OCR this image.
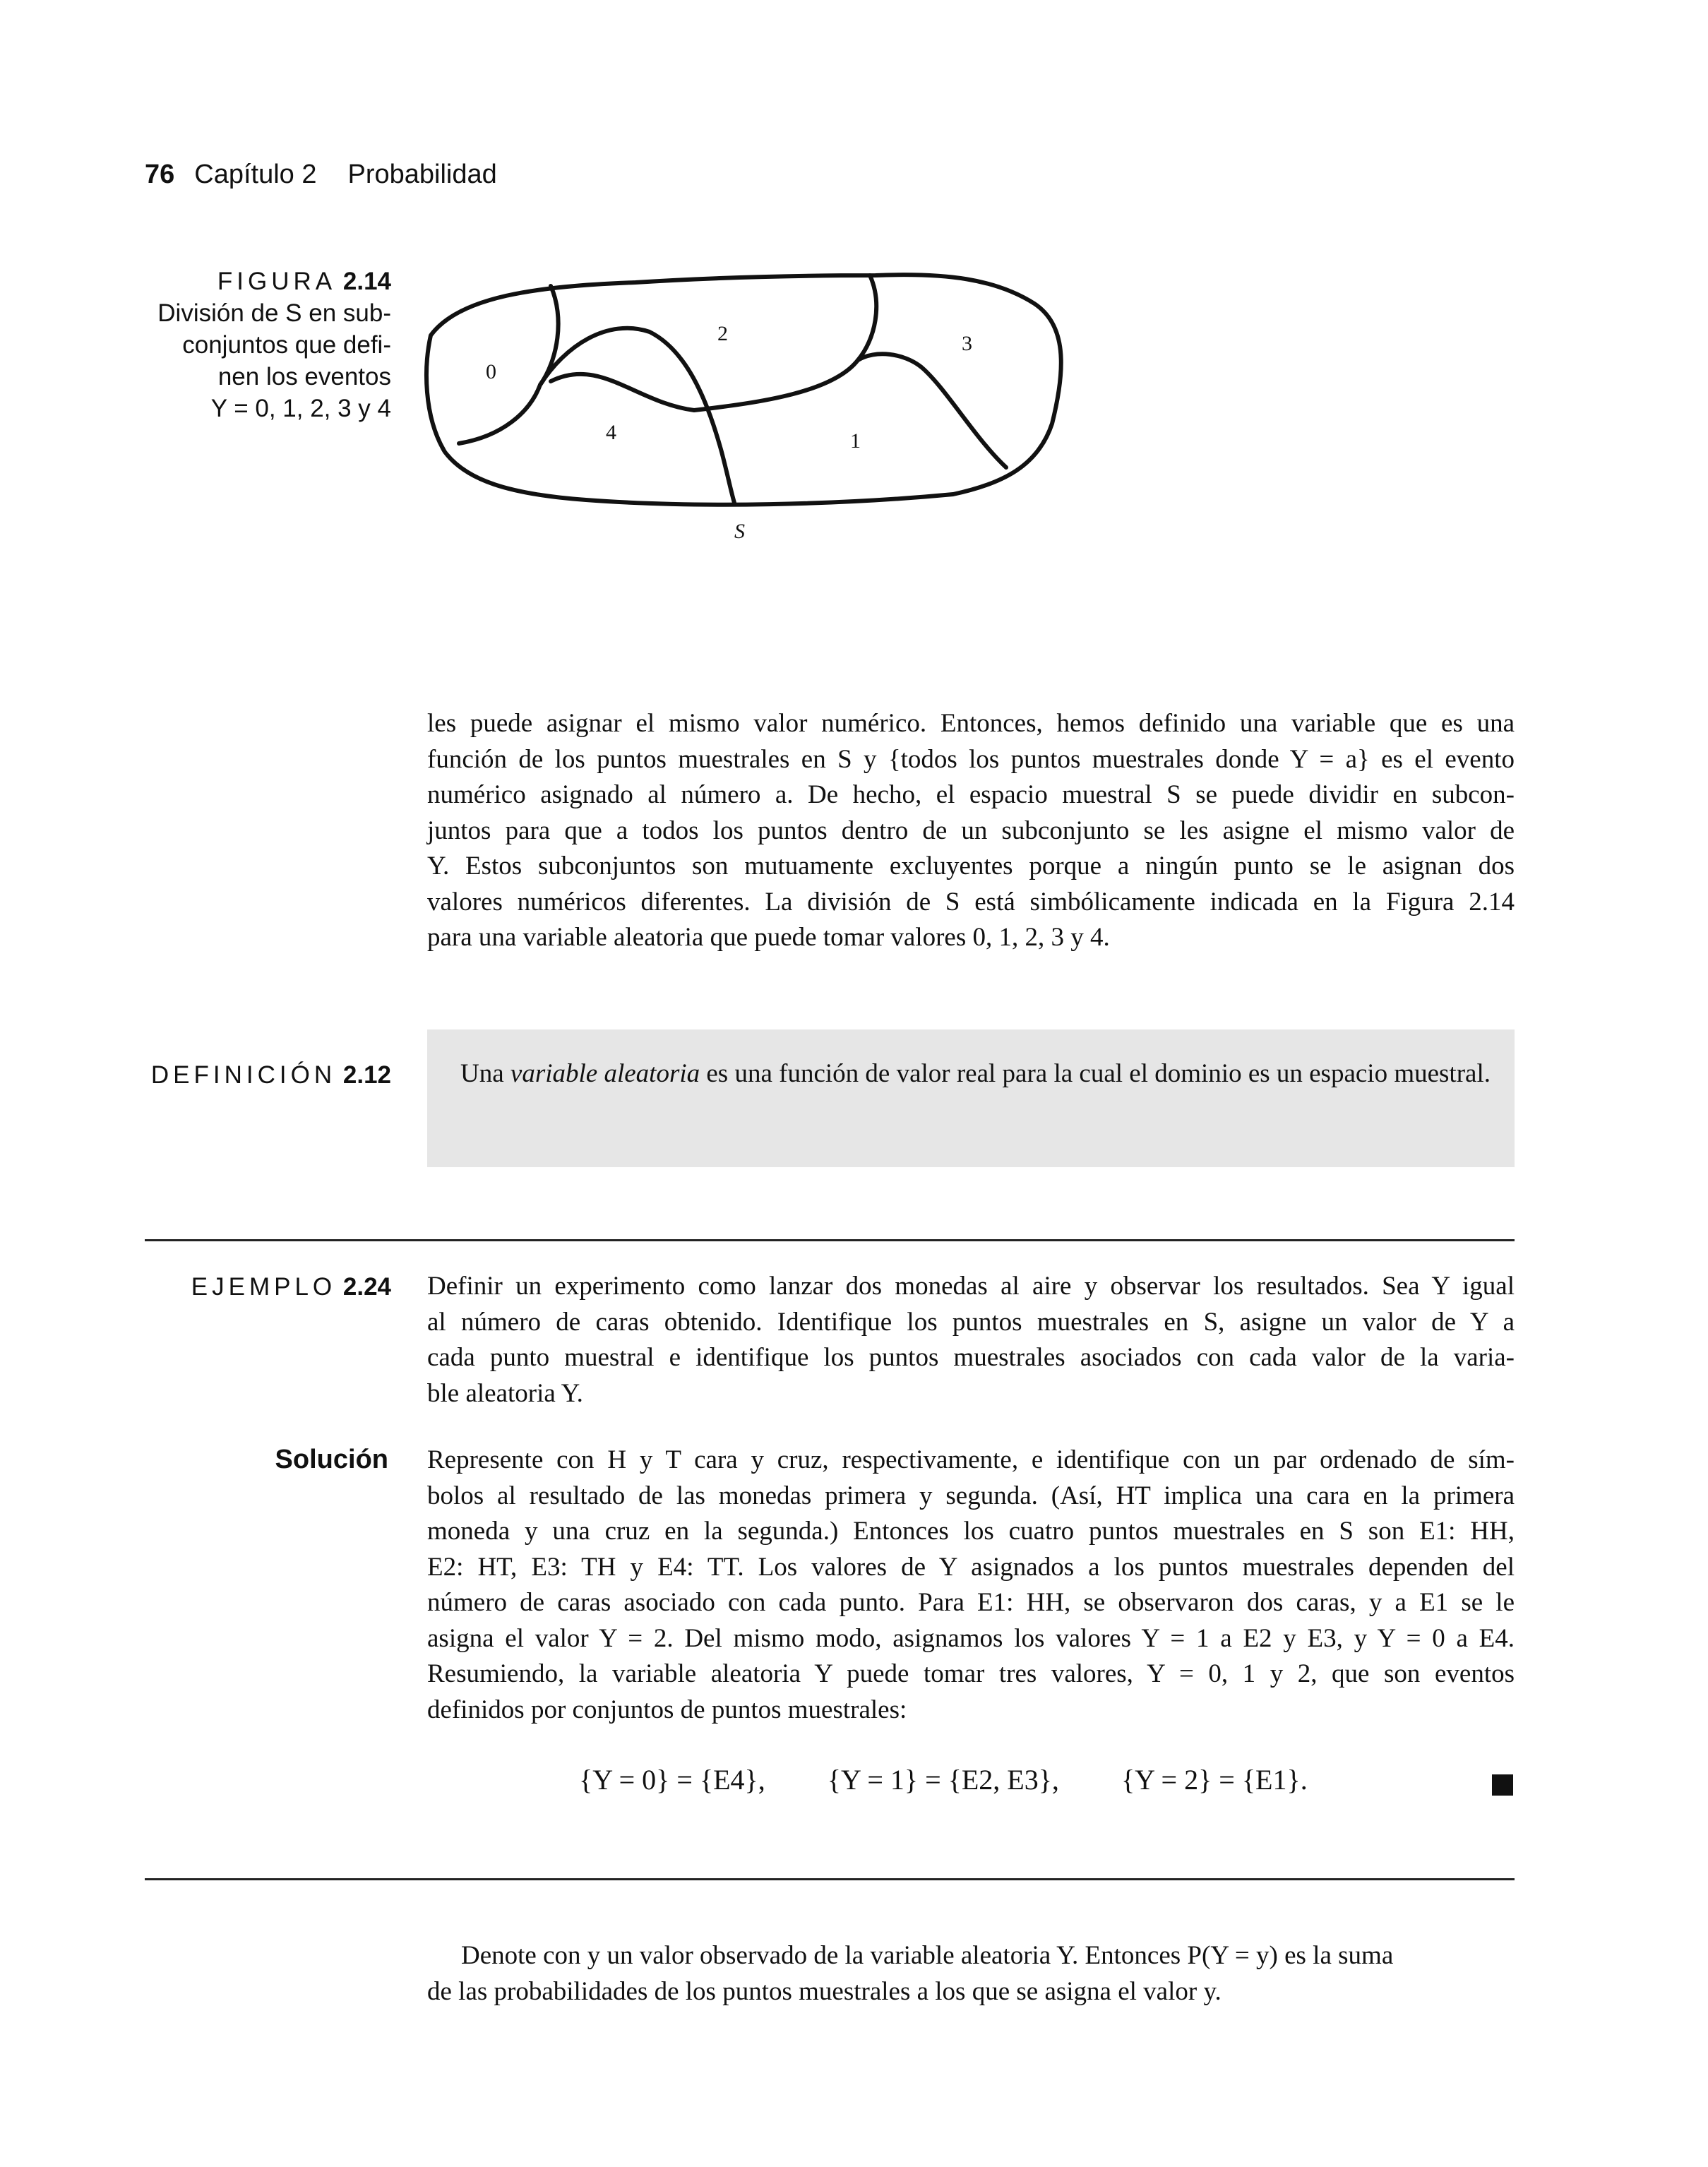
76 Capítulo 2 Probabilidad
FIGURA 2.14
División de S en sub-
conjuntos que defi-
nen los eventos
Y = 0, 1, 2, 3 y 4
0
2	3
4	1
S
les puede asignar el mismo valor numérico. Entonces, hemos definido una variable que es una
función de los puntos muestrales en S y {todos los puntos muestrales donde Y = a} es el evento
numérico asignado al número a. De hecho, el espacio muestral S se puede dividir en subcon-
juntos para que a todos los puntos dentro de un subconjunto se les asigne el mismo valor de
Y. Estos subconjuntos son mutuamente excluyentes porque a ningún punto se le asignan dos
valores numéricos diferentes. La división de S está simbólicamente indicada en la Figura 2.14
para una variable aleatoria que puede tomar valores 0, 1, 2, 3 y 4.
DEFINICIÓN 2.12	Una variable aleatoria es una función de valor real para la cual el dominio es un espacio muestral.
EJEMPLO 2.24 Definir un experimento como lanzar dos monedas al aire y observar los resultados. Sea Y igual
al número de caras obtenido. Identifique los puntos muestrales en S, asigne un valor de Y a
cada punto muestral e identifique los puntos muestrales asociados con cada valor de la varia-
ble aleatoria Y.
Solución Represente con H y T cara y cruz, respectivamente, e identifique con un par ordenado de sím-
bolos al resultado de las monedas primera y segunda. (Así, HT implica una cara en la primera
moneda y una cruz en la segunda.) Entonces los cuatro puntos muestrales en S son E1: HH,
E2: HT, E3: TH y E4: TT. Los valores de Y asignados a los puntos muestrales dependen del
número de caras asociado con cada punto. Para E1: HH, se observaron dos caras, y a E1 se le
asigna el valor Y = 2. Del mismo modo, asignamos los valores Y = 1 a E2 y E3, y Y = 0 a E4.
Resumiendo, la variable aleatoria Y puede tomar tres valores, Y = 0, 1 y 2, que son eventos
definidos por conjuntos de puntos muestrales:
{Y = 0} = {E4}, {Y = 1} = {E2, E3}, {Y = 2} = {E1}.
Denote con y un valor observado de la variable aleatoria Y. Entonces P(Y = y) es la suma
de las probabilidades de los puntos muestrales a los que se asigna el valor y.
